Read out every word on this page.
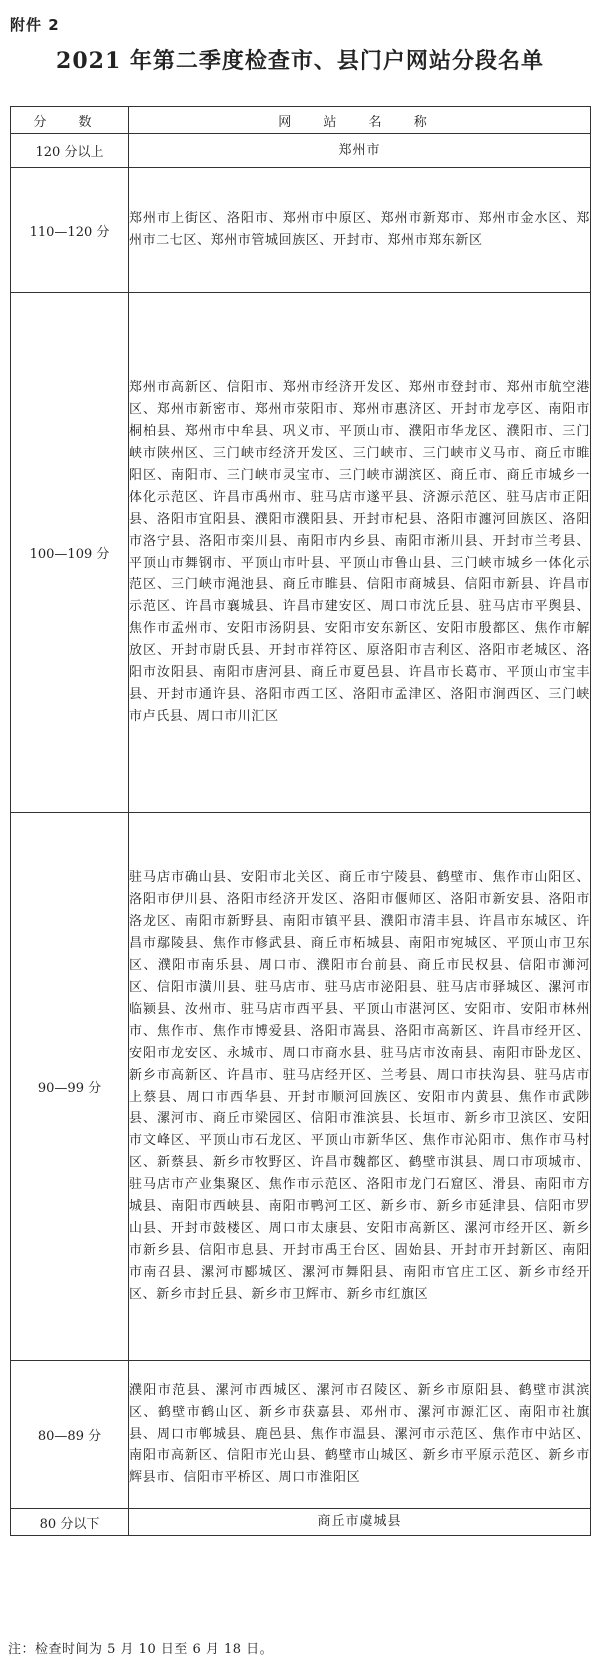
附件 2
2021 年第二季度检查市、县门户网站分段名单
分 数	网 站 名 称
120 分以上	郑州市
110—120 分	郑州市上街区、洛阳市、郑州市中原区、郑州市新郑市、郑州市金水区、郑州市二七区、郑州市管城回族区、开封市、郑州市郑东新区
100—109 分	郑州市高新区、信阳市、郑州市经济开发区、郑州市登封市、郑州市航空港区、郑州市新密市、郑州市荥阳市、郑州市惠济区、开封市龙亭区、南阳市桐柏县、郑州市中牟县、巩义市、平顶山市、濮阳市华龙区、濮阳市、三门峡市陕州区、三门峡市经济开发区、三门峡市、三门峡市义马市、商丘市睢阳区、南阳市、三门峡市灵宝市、三门峡市湖滨区、商丘市、商丘市城乡一体化示范区、许昌市禹州市、驻马店市遂平县、济源示范区、驻马店市正阳县、洛阳市宜阳县、濮阳市濮阳县、开封市杞县、洛阳市瀍河回族区、洛阳市洛宁县、洛阳市栾川县、南阳市内乡县、南阳市淅川县、开封市兰考县、平顶山市舞钢市、平顶山市叶县、平顶山市鲁山县、三门峡市城乡一体化示范区、三门峡市渑池县、商丘市睢县、信阳市商城县、信阳市新县、许昌市示范区、许昌市襄城县、许昌市建安区、周口市沈丘县、驻马店市平舆县、焦作市孟州市、安阳市汤阴县、安阳市安东新区、安阳市殷都区、焦作市解放区、开封市尉氏县、开封市祥符区、原洛阳市吉利区、洛阳市老城区、洛阳市汝阳县、南阳市唐河县、商丘市夏邑县、许昌市长葛市、平顶山市宝丰县、开封市通许县、洛阳市西工区、洛阳市孟津区、洛阳市涧西区、三门峡市卢氏县、周口市川汇区
90—99 分	驻马店市确山县、安阳市北关区、商丘市宁陵县、鹤壁市、焦作市山阳区、洛阳市伊川县、洛阳市经济开发区、洛阳市偃师区、洛阳市新安县、洛阳市洛龙区、南阳市新野县、南阳市镇平县、濮阳市清丰县、许昌市东城区、许昌市鄢陵县、焦作市修武县、商丘市柘城县、南阳市宛城区、平顶山市卫东区、濮阳市南乐县、周口市、濮阳市台前县、商丘市民权县、信阳市浉河区、信阳市潢川县、驻马店市、驻马店市泌阳县、驻马店市驿城区、漯河市临颍县、汝州市、驻马店市西平县、平顶山市湛河区、安阳市、安阳市林州市、焦作市、焦作市博爱县、洛阳市嵩县、洛阳市高新区、许昌市经开区、安阳市龙安区、永城市、周口市商水县、驻马店市汝南县、南阳市卧龙区、新乡市高新区、许昌市、驻马店经开区、兰考县、周口市扶沟县、驻马店市上蔡县、周口市西华县、开封市顺河回族区、安阳市内黄县、焦作市武陟县、漯河市、商丘市梁园区、信阳市淮滨县、长垣市、新乡市卫滨区、安阳市文峰区、平顶山市石龙区、平顶山市新华区、焦作市沁阳市、焦作市马村区、新蔡县、新乡市牧野区、许昌市魏都区、鹤壁市淇县、周口市项城市、驻马店市产业集聚区、焦作市示范区、洛阳市龙门石窟区、滑县、南阳市方城县、南阳市西峡县、南阳市鸭河工区、新乡市、新乡市延津县、信阳市罗山县、开封市鼓楼区、周口市太康县、安阳市高新区、漯河市经开区、新乡市新乡县、信阳市息县、开封市禹王台区、固始县、开封市开封新区、南阳市南召县、漯河市郾城区、漯河市舞阳县、南阳市官庄工区、新乡市经开区、新乡市封丘县、新乡市卫辉市、新乡市红旗区
80—89 分	濮阳市范县、漯河市西城区、漯河市召陵区、新乡市原阳县、鹤壁市淇滨区、鹤壁市鹤山区、新乡市获嘉县、邓州市、漯河市源汇区、南阳市社旗县、周口市郸城县、鹿邑县、焦作市温县、漯河市示范区、焦作市中站区、南阳市高新区、信阳市光山县、鹤壁市山城区、新乡市平原示范区、新乡市辉县市、信阳市平桥区、周口市淮阳区
80 分以下	商丘市虞城县
注：检查时间为 5 月 10 日至 6 月 18 日。
